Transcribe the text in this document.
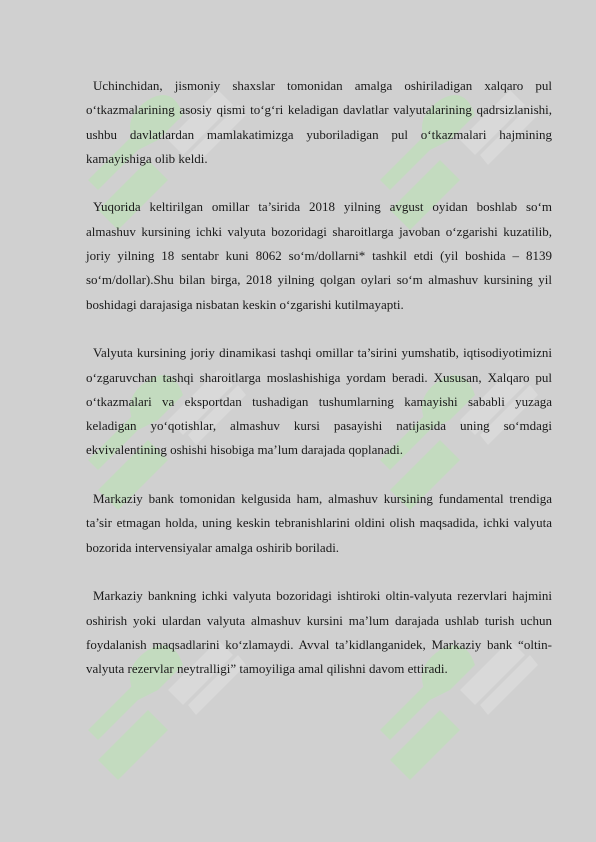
Uchinchidan, jismoniy shaxslar tomonidan amalga oshiriladigan xalqaro pul o‘tkazmalarining asosiy qismi to‘g‘ri keladigan davlatlar valyutalarining qadrsizlanishi, ushbu davlatlardan mamlakatimizga yuboriladigan pul o‘tkazmalari hajmining kamayishiga olib keldi.

Yuqorida keltirilgan omillar ta’sirida 2018 yilning avgust oyidan boshlab so‘m almashuv kursining ichki valyuta bozoridagi sharoitlarga javoban o‘zgarishi kuzatilib, joriy yilning 18 sentabr kuni 8062 so‘m/dollarni* tashkil etdi (yil boshida – 8139 so‘m/dollar).Shu bilan birga, 2018 yilning qolgan oylari so‘m almashuv kursining yil boshidagi darajasiga nisbatan keskin o‘zgarishi kutilmayapti.

Valyuta kursining joriy dinamikasi tashqi omillar ta’sirini yumshatib, iqtisodiyotimizni o‘zgaruvchan tashqi sharoitlarga moslashishiga yordam beradi. Xususan, Xalqaro pul o‘tkazmalari va eksportdan tushadigan tushumlarning kamayishi sababli yuzaga keladigan yo‘qotishlar, almashuv kursi pasayishi natijasida uning so‘mdagi ekvivalentining oshishi hisobiga ma’lum darajada qoplanadi.

Markaziy bank tomonidan kelgusida ham, almashuv kursining fundamental trendiga ta’sir etmagan holda, uning keskin tebranishlarini oldini olish maqsadida, ichki valyuta bozorida intervensiyalar amalga oshirib boriladi.

Markaziy bankning ichki valyuta bozoridagi ishtiroki oltin-valyuta rezervlari hajmini oshirish yoki ulardan valyuta almashuv kursini ma’lum darajada ushlab turish uchun foydalanish maqsadlarini ko‘zlamaydi. Avval ta’kidlanganidek, Markaziy bank “oltin-valyuta rezervlar neytralligi” tamoyiliga amal qilishni davom ettiradi.
